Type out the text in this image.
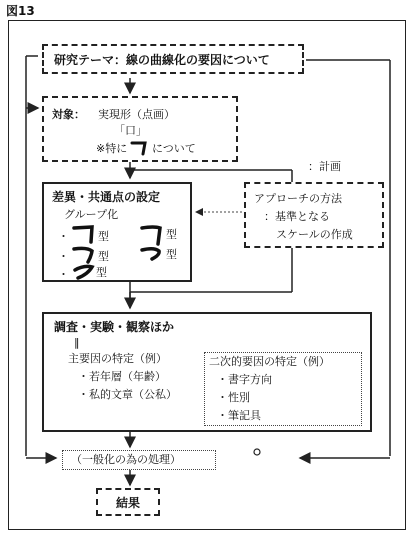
図13
研究テーマ：線の曲線化の要因について
対象： 実現形（点画）
「口」
※特に について
：計画
差異・共通点の設定
グループ化
・	型	型
・	型	型
・ 型
アプローチの方法
：基準となる
スケールの作成
調査・実験・観察ほか
‖
主要因の特定（例）
・若年層（年齢）
・私的文章（公私）
二次的要因の特定（例）
・書字方向
・性別
・筆記具
（一般化の為の処理）
結果
